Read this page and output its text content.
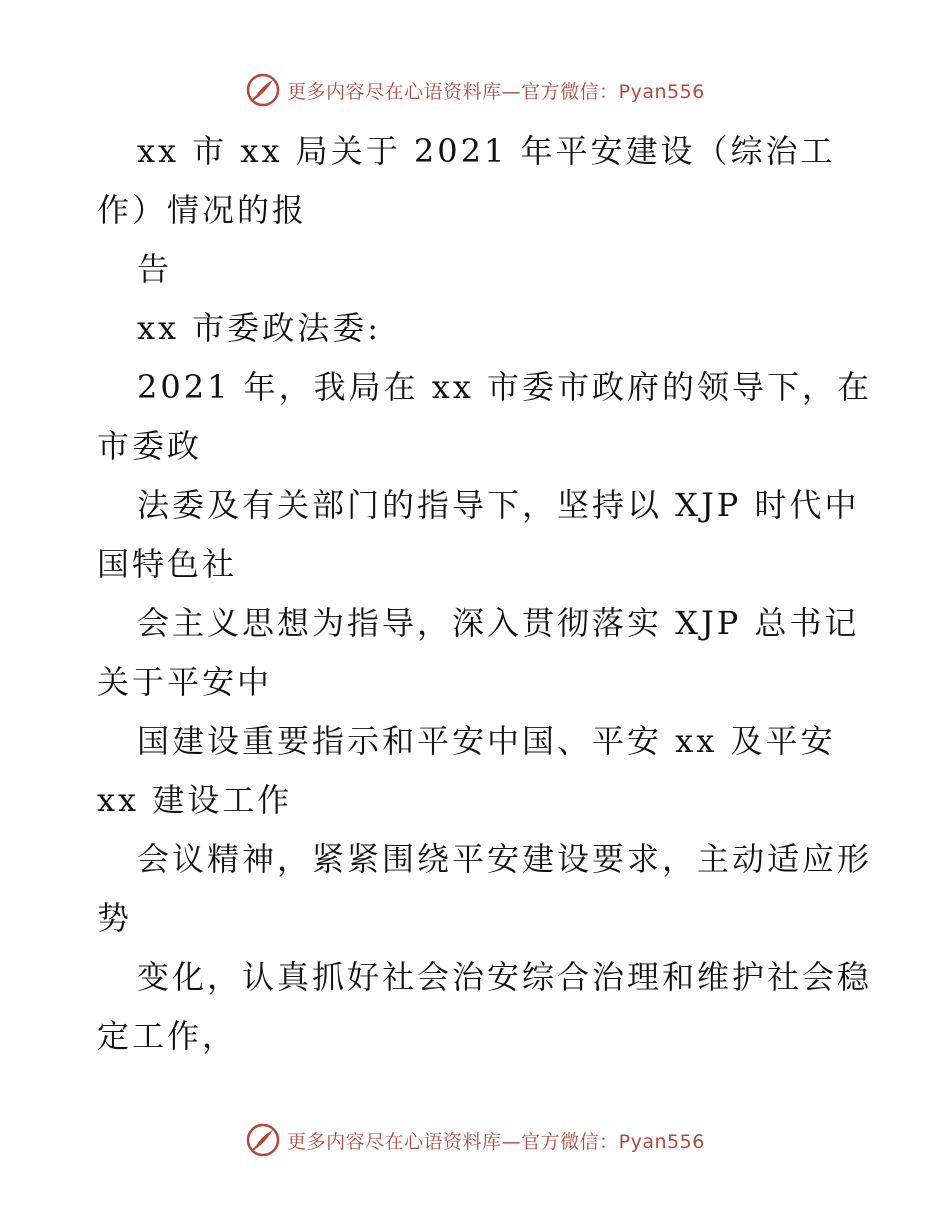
更多内容尽在心语资料库—官方微信：Pyan556
xx 市 xx 局关于 2021 年平安建设（综治工
作）情况的报
告
xx 市委政法委:
2021 年，我局在 xx 市委市政府的领导下，在
市委政
法委及有关部门的指导下，坚持以 XJP 时代中
国特色社
会主义思想为指导，深入贯彻落实 XJP 总书记
关于平安中
国建设重要指示和平安中国、平安 xx 及平安
xx 建设工作
会议精神，紧紧围绕平安建设要求，主动适应形
势
变化，认真抓好社会治安综合治理和维护社会稳
定工作，
更多内容尽在心语资料库—官方微信：Pyan556
